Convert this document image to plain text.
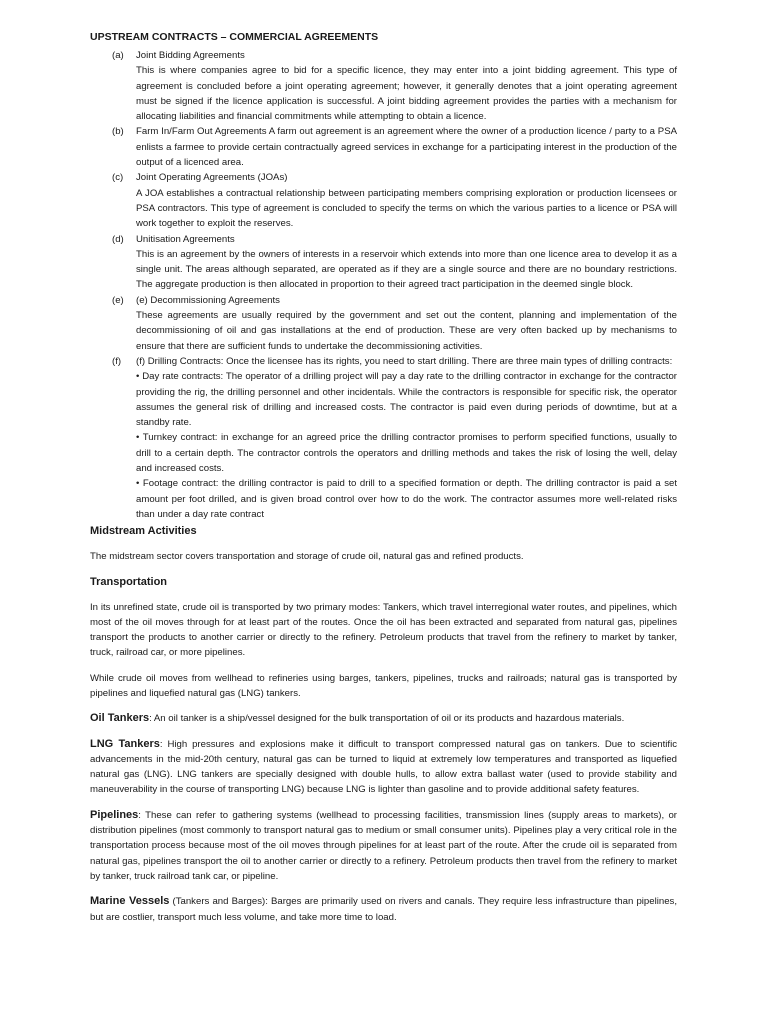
UPSTREAM CONTRACTS – COMMERCIAL AGREEMENTS
(a) Joint Bidding Agreements
This is where companies agree to bid for a specific licence, they may enter into a joint bidding agreement. This type of agreement is concluded before a joint operating agreement; however, it generally denotes that a joint operating agreement must be signed if the licence application is successful. A joint bidding agreement provides the parties with a mechanism for allocating liabilities and financial commitments while attempting to obtain a licence.
(b) Farm In/Farm Out Agreements A farm out agreement is an agreement where the owner of a production licence / party to a PSA enlists a farmee to provide certain contractually agreed services in exchange for a participating interest in the production of the output of a licenced area.
(c) Joint Operating Agreements (JOAs)
A JOA establishes a contractual relationship between participating members comprising exploration or production licensees or PSA contractors. This type of agreement is concluded to specify the terms on which the various parties to a licence or PSA will work together to exploit the reserves.
(d) Unitisation Agreements
This is an agreement by the owners of interests in a reservoir which extends into more than one licence area to develop it as a single unit. The areas although separated, are operated as if they are a single source and there are no boundary restrictions. The aggregate production is then allocated in proportion to their agreed tract participation in the deemed single block.
(e) (e) Decommissioning Agreements
These agreements are usually required by the government and set out the content, planning and implementation of the decommissioning of oil and gas installations at the end of production. These are very often backed up by mechanisms to ensure that there are sufficient funds to undertake the decommissioning activities.
(f) (f) Drilling Contracts: Once the licensee has its rights, you need to start drilling. There are three main types of drilling contracts:
• Day rate contracts: The operator of a drilling project will pay a day rate to the drilling contractor in exchange for the contractor providing the rig, the drilling personnel and other incidentals. While the contractors is responsible for specific risk, the operator assumes the general risk of drilling and increased costs. The contractor is paid even during periods of downtime, but at a standby rate.
• Turnkey contract: in exchange for an agreed price the drilling contractor promises to perform specified functions, usually to drill to a certain depth. The contractor controls the operators and drilling methods and takes the risk of losing the well, delay and increased costs.
• Footage contract: the drilling contractor is paid to drill to a specified formation or depth. The drilling contractor is paid a set amount per foot drilled, and is given broad control over how to do the work. The contractor assumes more well-related risks than under a day rate contract
Midstream Activities

The midstream sector covers transportation and storage of crude oil, natural gas and refined products.

Transportation

In its unrefined state, crude oil is transported by two primary modes: Tankers, which travel interregional water routes, and pipelines, which most of the oil moves through for at least part of the routes. Once the oil has been extracted and separated from natural gas, pipelines transport the products to another carrier or directly to the refinery. Petroleum products that travel from the refinery to market by tanker, truck, railroad car, or more pipelines.

While crude oil moves from wellhead to refineries using barges, tankers, pipelines, trucks and railroads; natural gas is transported by pipelines and liquefied natural gas (LNG) tankers.

Oil Tankers: An oil tanker is a ship/vessel designed for the bulk transportation of oil or its products and hazardous materials.

LNG Tankers: High pressures and explosions make it difficult to transport compressed natural gas on tankers. Due to scientific advancements in the mid-20th century, natural gas can be turned to liquid at extremely low temperatures and transported as liquefied natural gas (LNG). LNG tankers are specially designed with double hulls, to allow extra ballast water (used to provide stability and maneuverability in the course of transporting LNG) because LNG is lighter than gasoline and to provide additional safety features.

Pipelines: These can refer to gathering systems (wellhead to processing facilities, transmission lines (supply areas to markets), or distribution pipelines (most commonly to transport natural gas to medium or small consumer units). Pipelines play a very critical role in the transportation process because most of the oil moves through pipelines for at least part of the route. After the crude oil is separated from natural gas, pipelines transport the oil to another carrier or directly to a refinery. Petroleum products then travel from the refinery to market by tanker, truck railroad tank car, or pipeline.

Marine Vessels (Tankers and Barges): Barges are primarily used on rivers and canals. They require less infrastructure than pipelines, but are costlier, transport much less volume, and take more time to load.
